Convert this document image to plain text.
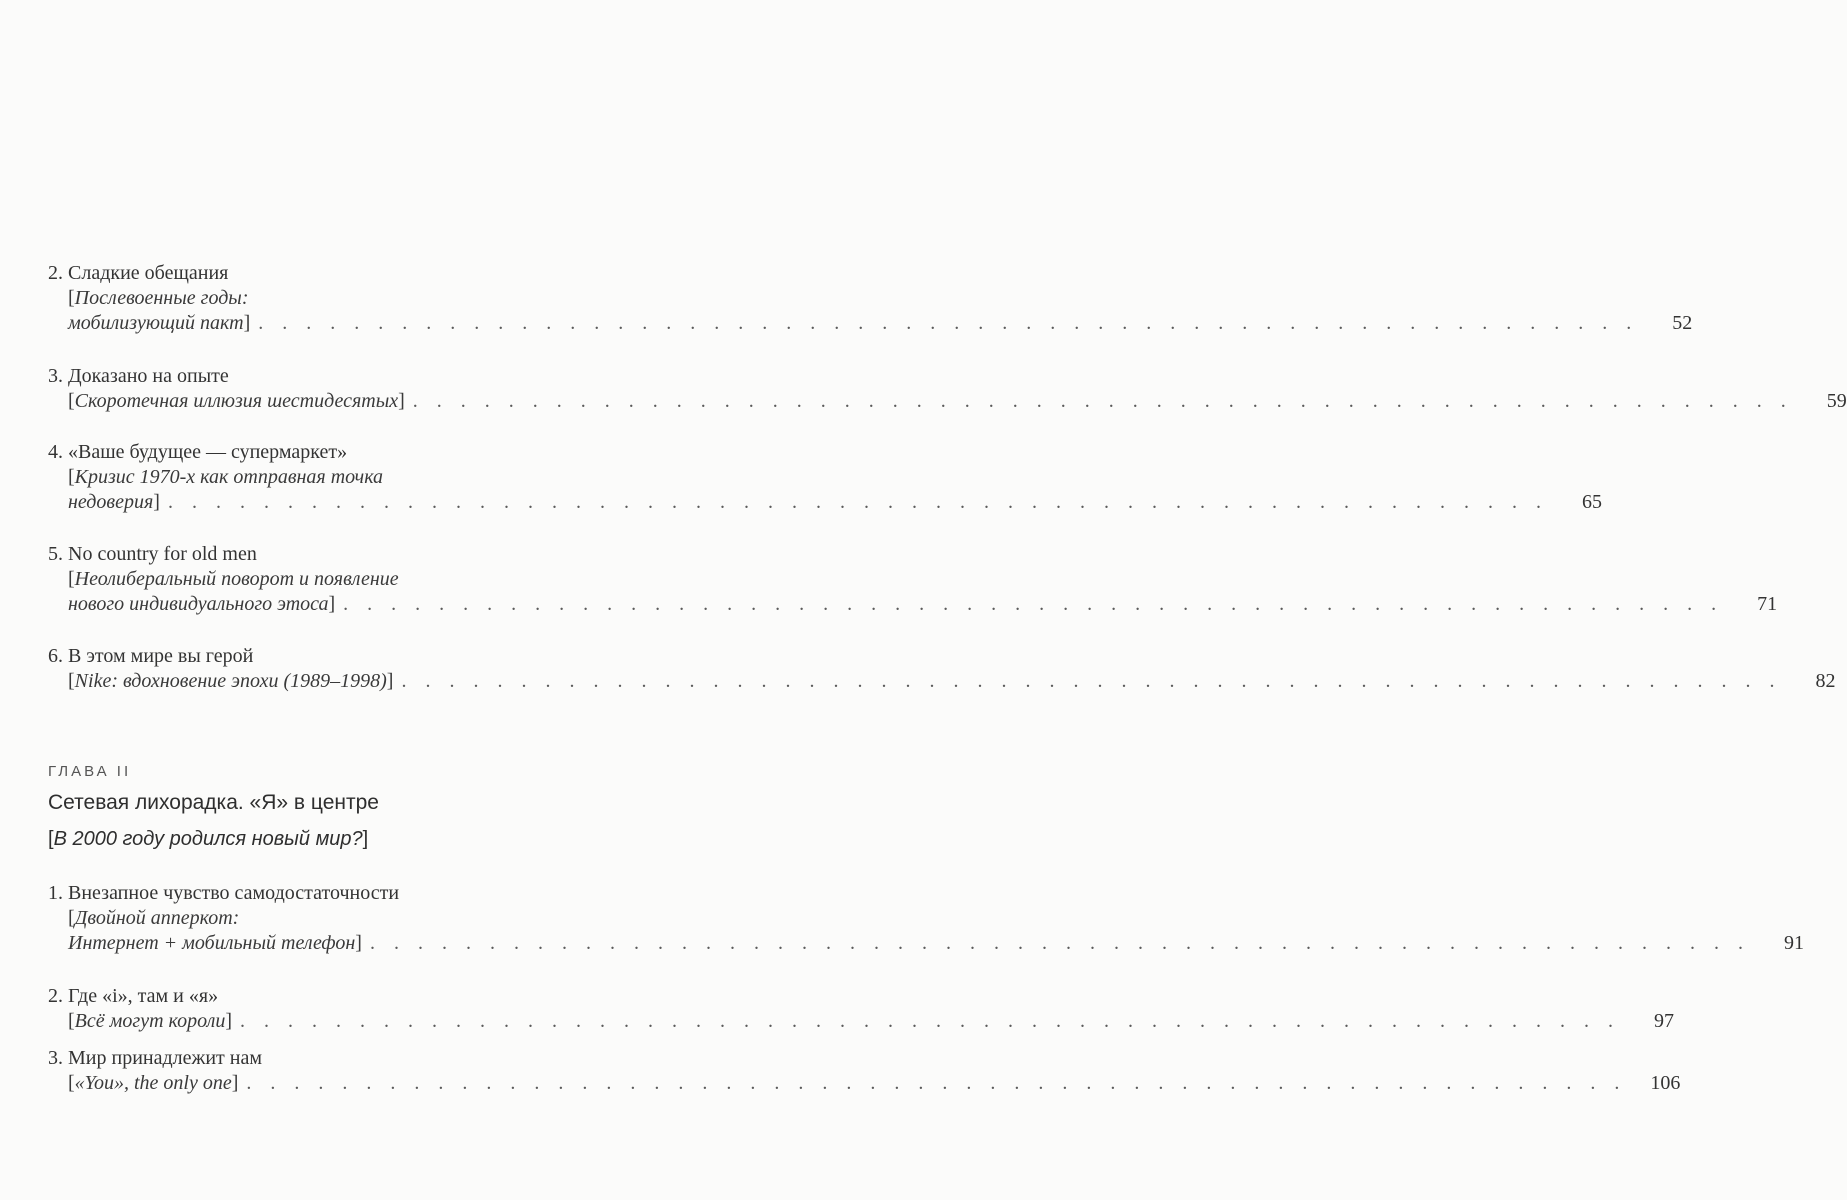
2. Сладкие обещания
[Послевоенные годы:
мобилизующий пакт] . . . . . . . . . . . . . . . . . . . . . . . . . . . . . . . . . . . . . . . . . . . . . . . . . . . . . . . . . .	52
3. Доказано на опыте
[Скоротечная иллюзия шестидесятых] . . . . . . . . . . . . . . . . . . . . . . . . . . . . . . . . . . . . . . . . . . . . . . . . . . . . . . . . . .	59
4. «Ваше будущее — супермаркет»
[Кризис 1970-х как отправная точка
недоверия] . . . . . . . . . . . . . . . . . . . . . . . . . . . . . . . . . . . . . . . . . . . . . . . . . . . . . . . . . .	65
5. No country for old men
[Неолиберальный поворот и появление
нового индивидуального этоса] . . . . . . . . . . . . . . . . . . . . . . . . . . . . . . . . . . . . . . . . . . . . . . . . . . . . . . . . . .	71
6. В этом мире вы герой
[Nike: вдохновение эпохи (1989–1998)] . . . . . . . . . . . . . . . . . . . . . . . . . . . . . . . . . . . . . . . . . . . . . . . . . . . . . . . . . .	82
ГЛАВА II
Сетевая лихорадка. «Я» в центре
[В 2000 году родился новый мир?]
1. Внезапное чувство самодостаточности
[Двойной апперкот:
Интернет + мобильный телефон] . . . . . . . . . . . . . . . . . . . . . . . . . . . . . . . . . . . . . . . . . . . . . . . . . . . . . . . . . .	91
2. Где «i», там и «я»
[Всё могут короли] . . . . . . . . . . . . . . . . . . . . . . . . . . . . . . . . . . . . . . . . . . . . . . . . . . . . . . . . . .	97
3. Мир принадлежит нам
[«You», the only one] . . . . . . . . . . . . . . . . . . . . . . . . . . . . . . . . . . . . . . . . . . . . . . . . . . . . . . . . . . 106
